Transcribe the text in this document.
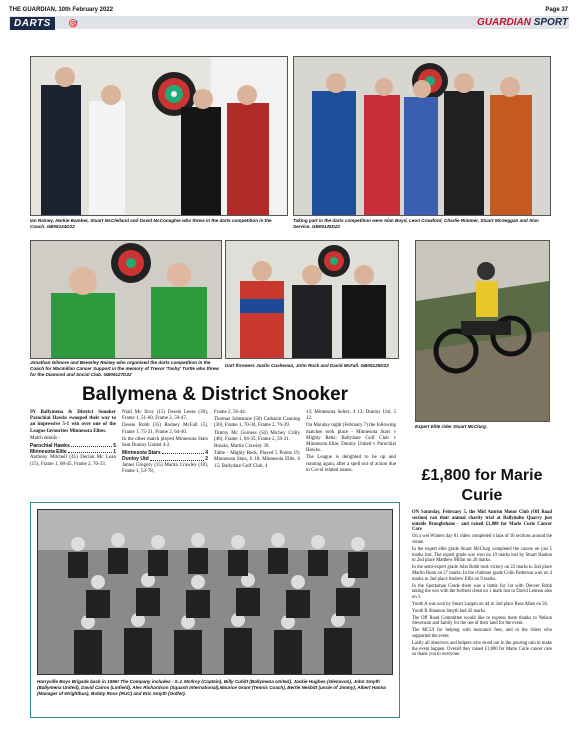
THE GUARDIAN, 10th February 2022	Page 37
DARTS	🎯	GUARDIAN SPORT
Ian Rainey, Harkie Bamber, Stuart McClelland and David McConaghie who threw in the darts competition in the Coach. GB06124D22
Taking part in the darts competition were Alan Boyd, Leon Crawford, Charlie Rimmer, Stuart McGeggan and Alan Service. GB06125D22
Jonathan Gilmore and Beverley Rainey who organised the darts competition in the Coach for Macmillan Cancer Support in the memory of Trevor 'Tashy' Turtle who threw for the Diamond and Social Club. GB06127D22
Dart throwers Justin Cushenan, John Rock and David McFall. GB06126D22
Expert Elite rider Stuart McClurg.
Ballymena & District Snooker

IN Ballymena & District Snooker Parochial Hawks swooped their way to an impressive 5-1 win over one of the League favourites Minnesota Elites.

Match details -

Parochial Hawks	5
Minnesota Elite	1

Anthony Mitchell (45) Declan Mc Lean (15), Frame 1, 68-45, Frame 2, 70-33.

Niall Mc Ilroy (15) Dessie Leese (30), Frame 1, 51-60, Frame 2, 59-47.

Dessie Robb (35) Rodney McFall (5), Frame 1, 75-21, Frame 2, 64-40.

In the other match played Minnesota Stars beat Dunloy United 4-2.

Minnesota Stars	4
Dunloy Utd	2

James Gregory (35) Martin Crawley (10), Frame 1, 53-78,

Frame 2, 56-44.

Thomas Johnstone (50) Cathasin Canning (30), Frame 1, 70-34, Frame 2, 76-39.

Timmy Mc Guiness (50) Michey Crilly (40), Frame 1, 66-35, Frame 2, 59-21.

Breaks, Martin Crawley 39.

Table - Mighty Reds, Played 5 Points 19; Minnesota Stars, 6 18; Minnesota Elite, 6 15; Ballydare Golf Club, 4

13; Minnesota Select, 4 13; Dunloy Utd, 5 12.

On Monday night (February 7) the following matches took place - Minnesota Stars v Mighty Reds; Ballydare Golf Club v Minnesota Elite; Dunloy United v Parochial Hawks.

The League is delighted to be up and running again, after a spell out of action due to Covid related issues.

Harryville Boys Brigade back in 1956! The Company includes - S.J. McIlroy (Captain), Billy Cubitt (Ballymena United), Jackie Hughes (Glenavon), John Smyth (Ballymena United), David Cairns (Linfield), Alec Richardson (Squash International),Maurice Grant (Tennis Coach), Bertie Nesbitt (uncle of Jimmy), Albert Hanna (Manager of Wrightbus), Bobby Ross (RUC) and Eric Smyth (Golfer).
£1,800 for Marie Curie

ON Saturday, February 5, the Mid Antrim Motor Club (Off Road section) ran their annual charity trial at Ballynulto Quarry just outside Broughshane - and raised £1,800 for Marie Curie Cancer Care

On a wet Winters day 81 riders completed 4 laps of 10 sections around the venue.

In the expert elite grade Stuart McClurg completed the course on just 5 marks lost. The expert grade was won on 19 marks lost by Stuart Hanlon to 2nd place Matthew Millar on 20 marks.

In the semi-expert grade John Robb took victory on 22 marks to 2nd place Martin Bunn on 27 marks. In the clubman grade Colin Patterson won on 4 marks to 2nd place Andrew Ellis on 9 marks.

In the Sportsman Grade there was a battle for 1st with Denver Robb taking the win with the furthest clean on 1 mark lost to David Lennon also on 1.

Youth A was won by Stuart Lappin on 44 to 2nd place Ross Allen on 56.

Youth B Shannon Smyth had 42 marks.

The Off Road Committee would like to express there thanks to Nelson Stevenson and family for the use of their land for the event.

The MCUI for helping with insurance fees, and to the riders who supported the event.

Lastly all observers and helpers who stood out in the pouring rain to make the event happen. Overall they raised £1,800 for Marie Curie cancer care so thank you to everyone.
